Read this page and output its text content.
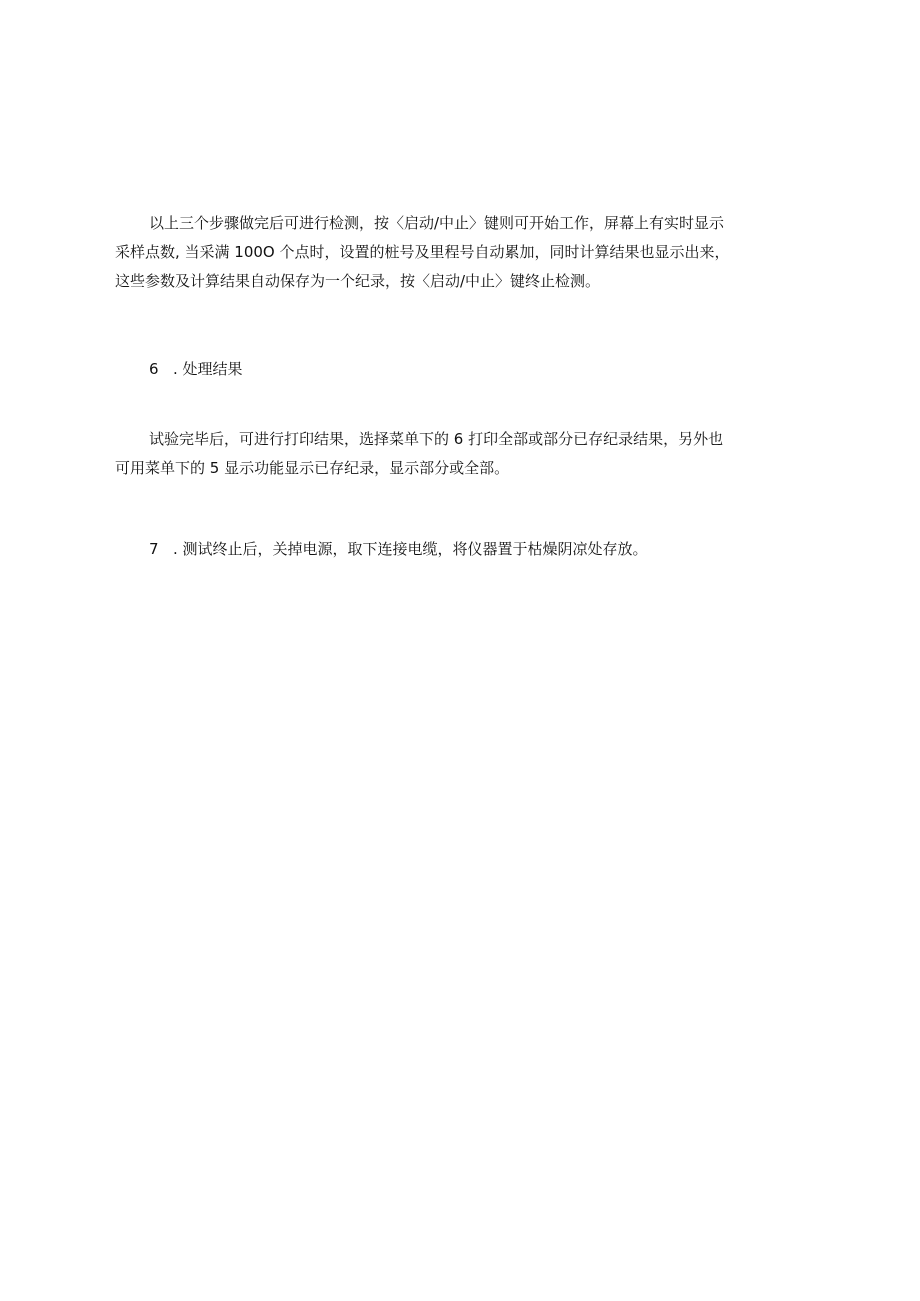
以上三个步骤做完后可进行检测，按〈启动/中止〉键则可开始工作，屏幕上有实时显示
采样点数, 当采满 100O 个点时，设置的桩号及里程号自动累加，同时计算结果也显示出来，
这些参数及计算结果自动保存为一个纪录，按〈启动/中止〉键终止检测。

6 . 处理结果

试验完毕后，可进行打印结果，选择菜单下的 6 打印全部或部分已存纪录结果，另外也
可用菜单下的 5 显示功能显示已存纪录，显示部分或全部。

7 . 测试终止后，关掉电源，取下连接电缆，将仪器置于枯燥阴凉处存放。
